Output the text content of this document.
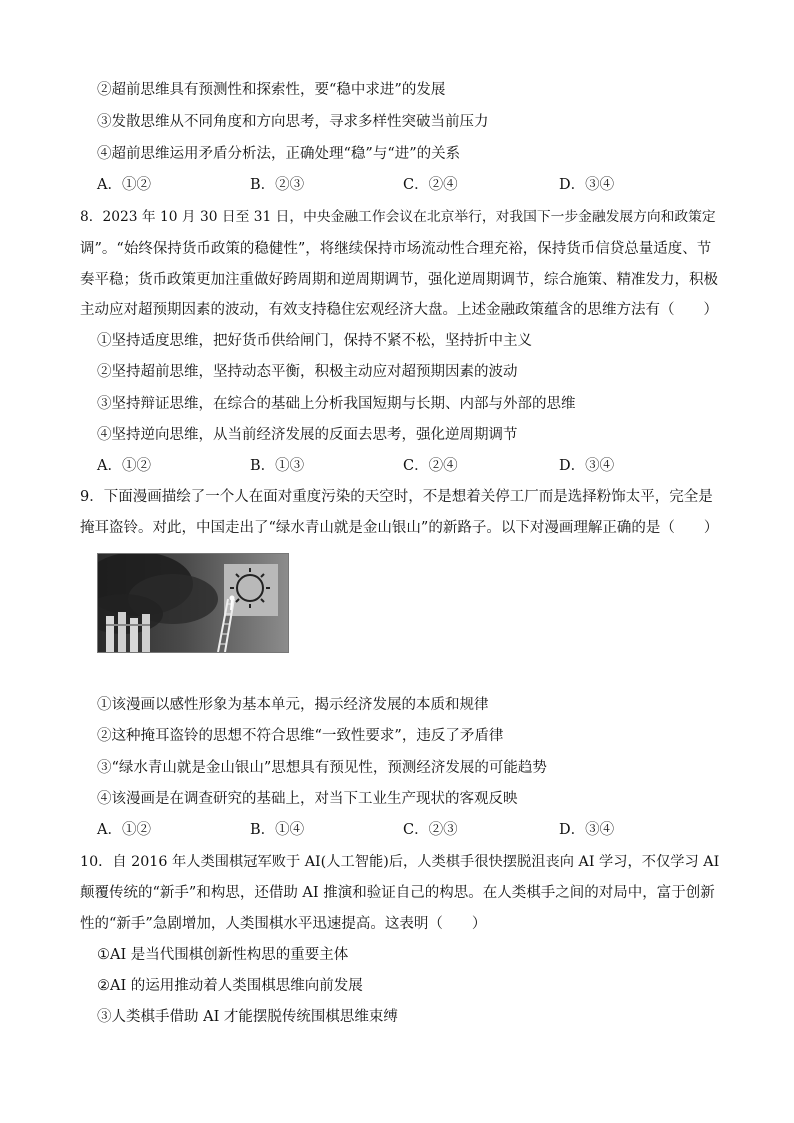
②超前思维具有预测性和探索性，要“稳中求进”的发展
③发散思维从不同角度和方向思考，寻求多样性突破当前压力
④超前思维运用矛盾分析法，正确处理“稳”与“进”的关系
A．①②	B．②③	C．②④	D．③④
8．2023 年 10 月 30 日至 31 日，中央金融工作会议在北京举行，对我国下一步金融发展方向和政策定
调”。“始终保持货币政策的稳健性”，将继续保持市场流动性合理充裕，保持货币信贷总量适度、节
奏平稳；货币政策更加注重做好跨周期和逆周期调节，强化逆周期调节，综合施策、精准发力，积极
主动应对超预期因素的波动，有效支持稳住宏观经济大盘。上述金融政策蕴含的思维方法有（　　）
①坚持适度思维，把好货币供给闸门，保持不紧不松，坚持折中主义
②坚持超前思维，坚持动态平衡，积极主动应对超预期因素的波动
③坚持辩证思维，在综合的基础上分析我国短期与长期、内部与外部的思维
④坚持逆向思维，从当前经济发展的反面去思考，强化逆周期调节
A．①②	B．①③	C．②④	D．③④
9．下面漫画描绘了一个人在面对重度污染的天空时，不是想着关停工厂而是选择粉饰太平，完全是
掩耳盗铃。对此，中国走出了“绿水青山就是金山银山”的新路子。以下对漫画理解正确的是（　　）
①该漫画以感性形象为基本单元，揭示经济发展的本质和规律
②这种掩耳盗铃的思想不符合思维“一致性要求”，违反了矛盾律
③“绿水青山就是金山银山”思想具有预见性，预测经济发展的可能趋势
④该漫画是在调查研究的基础上，对当下工业生产现状的客观反映
A．①②	B．①④	C．②③	D．③④
10．自 2016 年人类围棋冠军败于 AI(人工智能)后，人类棋手很快摆脱沮丧向 AI 学习，不仅学习 AI
颠覆传统的“新手”和构思，还借助 AI 推演和验证自己的构思。在人类棋手之间的对局中，富于创新
性的“新手”急剧增加，人类围棋水平迅速提高。这表明（　　）
①AI 是当代围棋创新性构思的重要主体
②AI 的运用推动着人类围棋思维向前发展
③人类棋手借助 AI 才能摆脱传统围棋思维束缚
